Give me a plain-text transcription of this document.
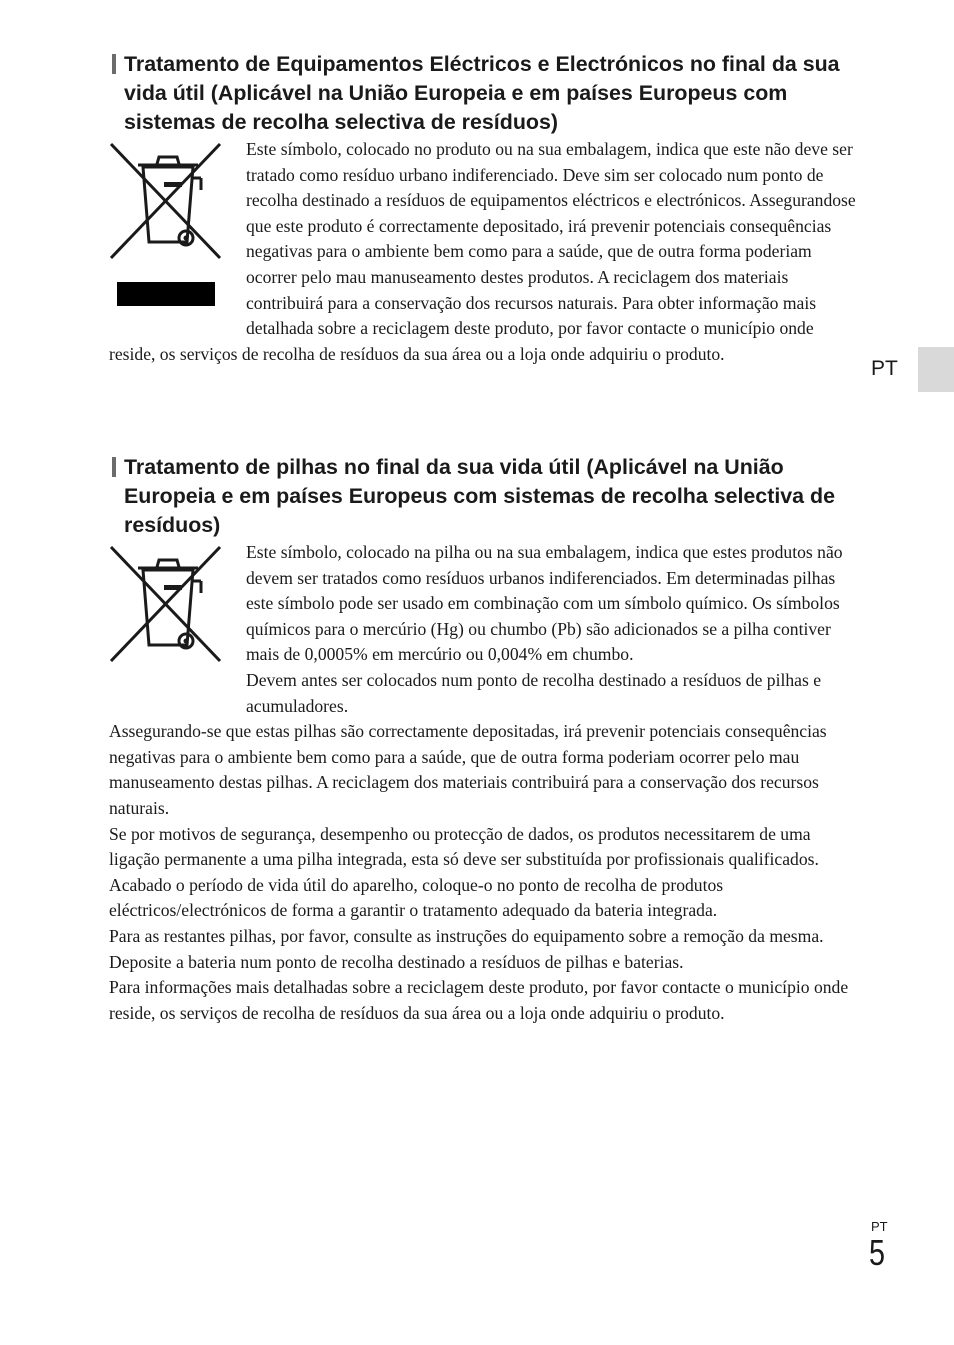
Tratamento de Equipamentos Eléctricos e Electrónicos no final da sua vida útil (Aplicável na União Europeia e em países Europeus com sistemas de recolha selectiva de resíduos)

Este símbolo, colocado no produto ou na sua embalagem, indica que este não deve ser tratado como resíduo urbano indiferenciado. Deve sim ser colocado num ponto de recolha destinado a resíduos de equipamentos eléctricos e electrónicos. Assegurandose que este produto é correctamente depositado, irá prevenir potenciais consequências negativas para o ambiente bem como para a saúde, que de outra forma poderiam ocorrer pelo mau manuseamento destes produtos. A reciclagem dos materiais contribuirá para a conservação dos recursos naturais. Para obter informação mais detalhada sobre a reciclagem deste produto, por favor contacte o município onde reside, os serviços de recolha de resíduos da sua área ou a loja onde adquiriu o produto.

Tratamento de pilhas no final da sua vida útil (Aplicável na União Europeia e em países Europeus com sistemas de recolha selectiva de resíduos)

Este símbolo, colocado na pilha ou na sua embalagem, indica que estes produtos não devem ser tratados como resíduos urbanos indiferenciados. Em determinadas pilhas este símbolo pode ser usado em combinação com um símbolo químico. Os símbolos químicos para o mercúrio (Hg) ou chumbo (Pb) são adicionados se a pilha contiver mais de 0,0005% em mercúrio ou 0,004% em chumbo.

Devem antes ser colocados num ponto de recolha destinado a resíduos de pilhas e acumuladores.

Assegurando-se que estas pilhas são correctamente depositadas, irá prevenir potenciais consequências negativas para o ambiente bem como para a saúde, que de outra forma poderiam ocorrer pelo mau manuseamento destas pilhas. A reciclagem dos materiais contribuirá para a conservação dos recursos naturais.

Se por motivos de segurança, desempenho ou protecção de dados, os produtos necessitarem de uma ligação permanente a uma pilha integrada, esta só deve ser substituída por profissionais qualificados.

Acabado o período de vida útil do aparelho, coloque-o no ponto de recolha de produtos eléctricos/electrónicos de forma a garantir o tratamento adequado da bateria integrada.

Para as restantes pilhas, por favor, consulte as instruções do equipamento sobre a remoção da mesma. Deposite a bateria num ponto de recolha destinado a resíduos de pilhas e baterias.

Para informações mais detalhadas sobre a reciclagem deste produto, por favor contacte o município onde reside, os serviços de recolha de resíduos da sua área ou a loja onde adquiriu o produto.

PT
PT
5
